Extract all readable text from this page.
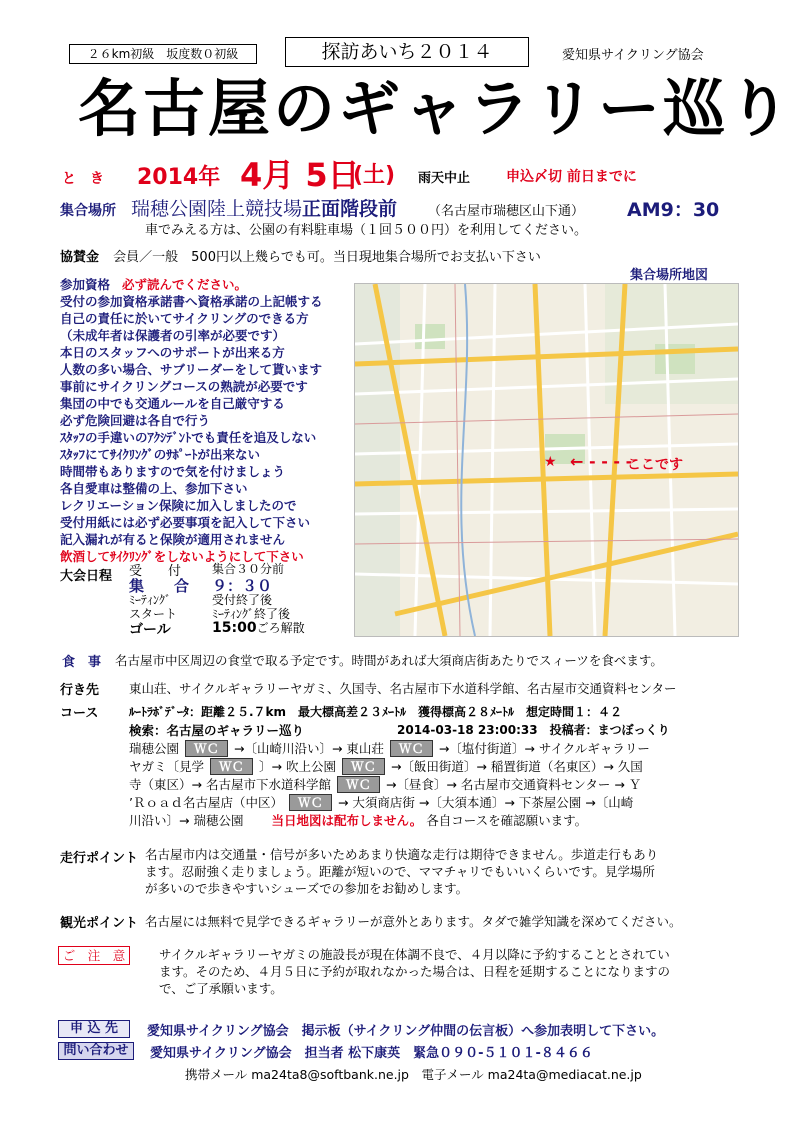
２６km初級　坂度数０初級	探訪あいち２０１４	愛知県サイクリング協会
名古屋のギャラリー巡り
と　き 2014年 4月 5日
(土) 雨天中止	申込〆切 前日までに
集合場所 瑞穂公園陸上競技場正面階段前 （名古屋市瑞穂区山下通） AM9：30
車でみえる方は、公園の有料駐車場（１回５００円）を利用してください。
協賛金 会員／一般　500円以上幾らでも可。当日現地集合場所でお支払い下さい
集合場所地図
参加資格 必ず読んでください。
受付の参加資格承諾書へ資格承諾の上記帳する
自己の責任に於いてサイクリングのできる方
（未成年者は保護者の引率が必要です）
本日のスタッフへのサポートが出来る方
人数の多い場合、サブリーダーをして貰います
事前にサイクリングコースの熟読が必要です
集団の中でも交通ルールを自己厳守する
必ず危険回避は各自で行う
ｽﾀｯﾌの手違いのｱｸｼﾃﾞﾝﾄでも責任を追及しない
ｽﾀｯﾌにてｻｲｸﾘﾝｸﾞのｻﾎﾟｰﾄが出来ない
時間帯もありますので気を付けましょう
各自愛車は整備の上、参加下さい
レクリエーション保険に加入しましたので
受付用紙には必ず必要事項を記入して下さい
記入漏れが有ると保険が適用されません
飲酒してｻｲｸﾘﾝｸﾞをしないようにして下さい
★ ← - - - -
ここです
大会日程 受　　付	集合３０分前
集　　合 ９：３０
ﾐｰﾃｨﾝｸﾞ	受付終了後
スタート	ﾐｰﾃｨﾝｸﾞ終了後
ゴール	15:00ごろ解散
食　事 名古屋市中区周辺の食堂で取る予定です。時間があれば大須商店街あたりでスィーツを食べます。
行き先 東山荘、サイクルギャラリーヤガミ、久国寺、名古屋市下水道科学館、名古屋市交通資料センター
コース	ﾙｰﾄﾗﾎﾞﾃﾞｰﾀ：距離２５.７km　最大標高差２３ﾒｰﾄﾙ　獲得標高２８ﾒｰﾄﾙ　想定時間１：４２
検索：名古屋のギャラリー巡り	2014-03-18 23:00:33　投稿者：まつぼっくり
瑞穂公園 ＷＣ →〔山崎川沿い〕→ 東山荘 ＷＣ →〔塩付街道〕→ サイクルギャラリー
ヤガミ〔見学 ＷＣ 〕→ 吹上公園 ＷＣ →〔飯田街道〕→ 稲置街道（名東区）→ 久国
寺（東区）→ 名古屋市下水道科学館 ＷＣ →〔昼食〕→ 名古屋市交通資料センター → Ｙ
’Ｒｏａｄ名古屋店（中区） ＷＣ → 大須商店街 →〔大須本通〕→ 下茶屋公園 →〔山崎
川沿い〕→ 瑞穂公園 当日地図は配布しません。 各自コースを確認願います。
走行ポイント 名古屋市内は交通量・信号が多いためあまり快適な走行は期待できません。歩道走行もあり
ます。忍耐強く走りましょう。距離が短いので、ママチャリでもいいくらいです。見学場所
が多いので歩きやすいシューズでの参加をお勧めします。
観光ポイント 名古屋には無料で見学できるギャラリーが意外とあります。タダで雑学知識を深めてください。
ご　注　意	サイクルギャラリーヤガミの施設長が現在体調不良で、４月以降に予約することとされてい
ます。そのため、４月５日に予約が取れなかった場合は、日程を延期することになりますの
で、ご了承願います。
申 込 先	愛知県サイクリング協会　掲示板（サイクリング仲間の伝言板）へ参加表明して下さい。
問い合わせ	愛知県サイクリング協会　担当者 松下康英　緊急０９０-５１０１-８４６６
携帯メール ma24ta8@softbank.ne.jp　電子メール ma24ta@mediacat.ne.jp
